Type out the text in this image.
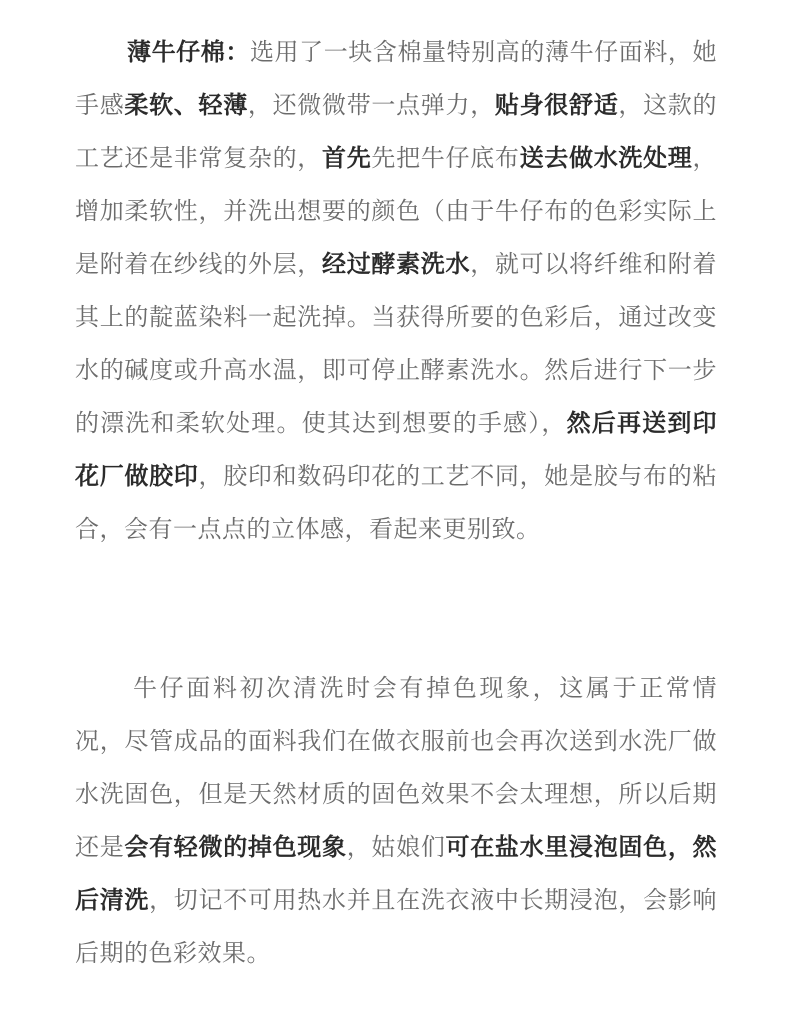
薄牛仔棉：选用了一块含棉量特别高的薄牛仔面料，她手感柔软、轻薄，还微微带一点弹力，贴身很舒适，这款的工艺还是非常复杂的，首先先把牛仔底布送去做水洗处理，增加柔软性，并洗出想要的颜色（由于牛仔布的色彩实际上是附着在纱线的外层，经过酵素洗水，就可以将纤维和附着其上的靛蓝染料一起洗掉。当获得所要的色彩后，通过改变水的碱度或升高水温，即可停止酵素洗水。然后进行下一步的漂洗和柔软处理。使其达到想要的手感），然后再送到印花厂做胶印，胶印和数码印花的工艺不同，她是胶与布的粘合，会有一点点的立体感，看起来更别致。

牛仔面料初次清洗时会有掉色现象，这属于正常情况，尽管成品的面料我们在做衣服前也会再次送到水洗厂做水洗固色，但是天然材质的固色效果不会太理想，所以后期还是会有轻微的掉色现象，姑娘们可在盐水里浸泡固色，然后清洗，切记不可用热水并且在洗衣液中长期浸泡，会影响后期的色彩效果。
